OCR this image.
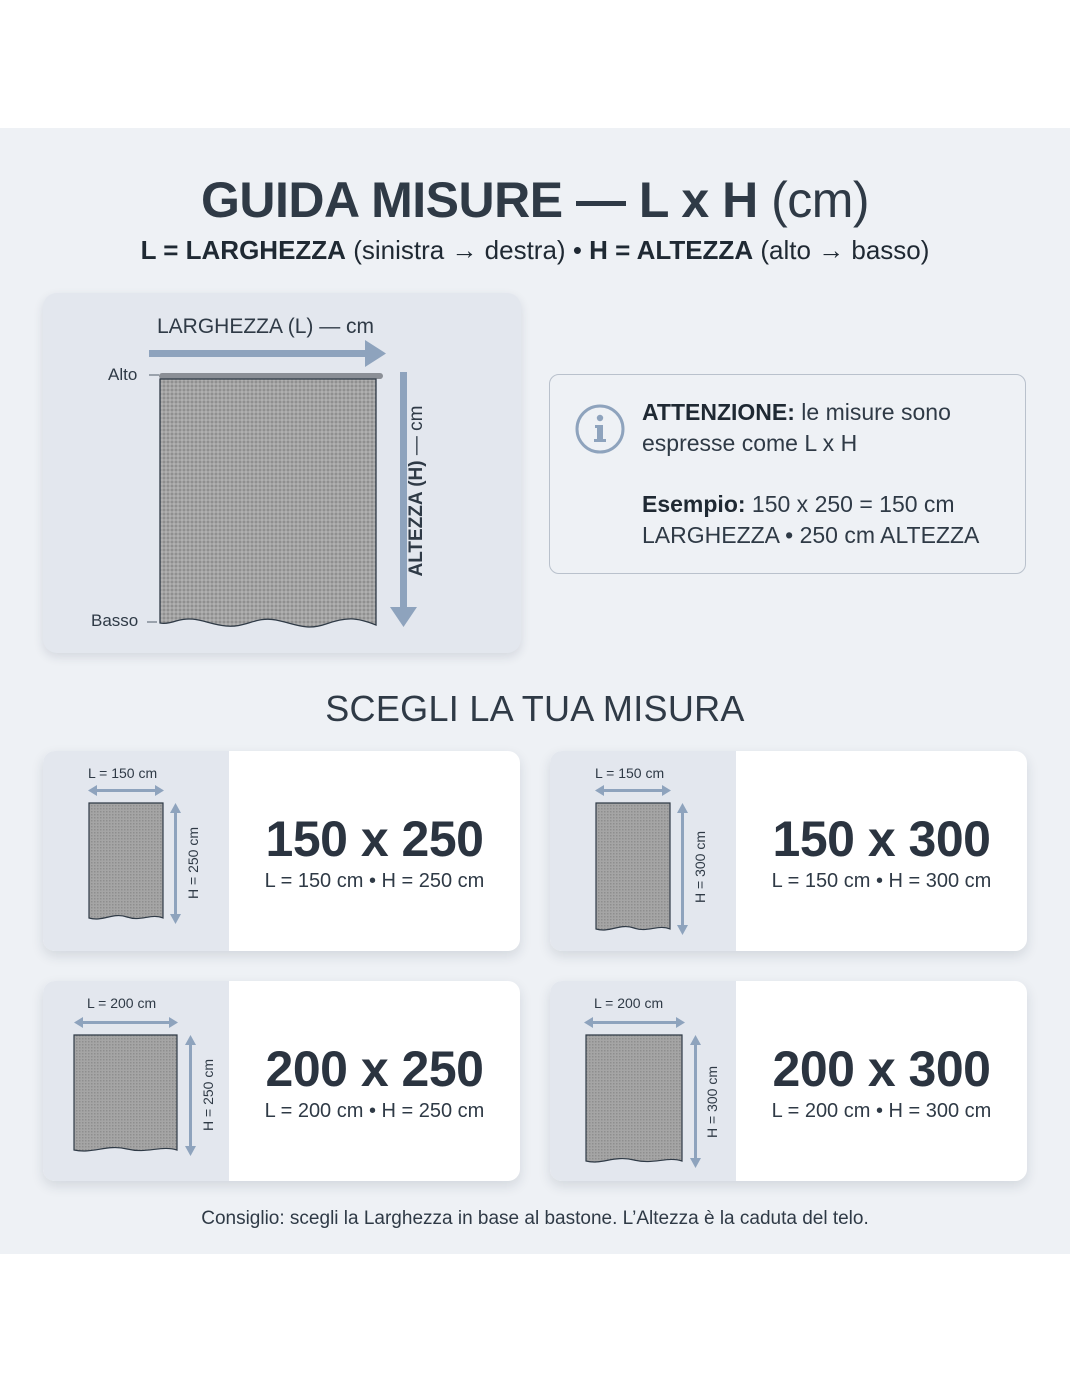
GUIDA MISURE — L x H (cm)
L = LARGHEZZA (sinistra → destra) • H = ALTEZZA (alto → basso)
LARGHEZZA (L) — cm
Alto
Basso
ALTEZZA (H) — cm	ATTENZIONE: le misure sono espresse come L x H
Esempio: 150 x 250 = 150 cm LARGHEZZA • 250 cm ALTEZZA
SCEGLI LA TUA MISURA
L = 150 cm
H = 250 cm	150 x 250
L = 150 cm • H = 250 cm
L = 150 cm
H = 300 cm	150 x 300
L = 150 cm • H = 300 cm
L = 200 cm
H = 250 cm 200 x 250
L = 200 cm • H = 250 cm
L = 200 cm
H = 300 cm	200 x 300
L = 200 cm • H = 300 cm
Consiglio: scegli la Larghezza in base al bastone. L’Altezza è la caduta del telo.
